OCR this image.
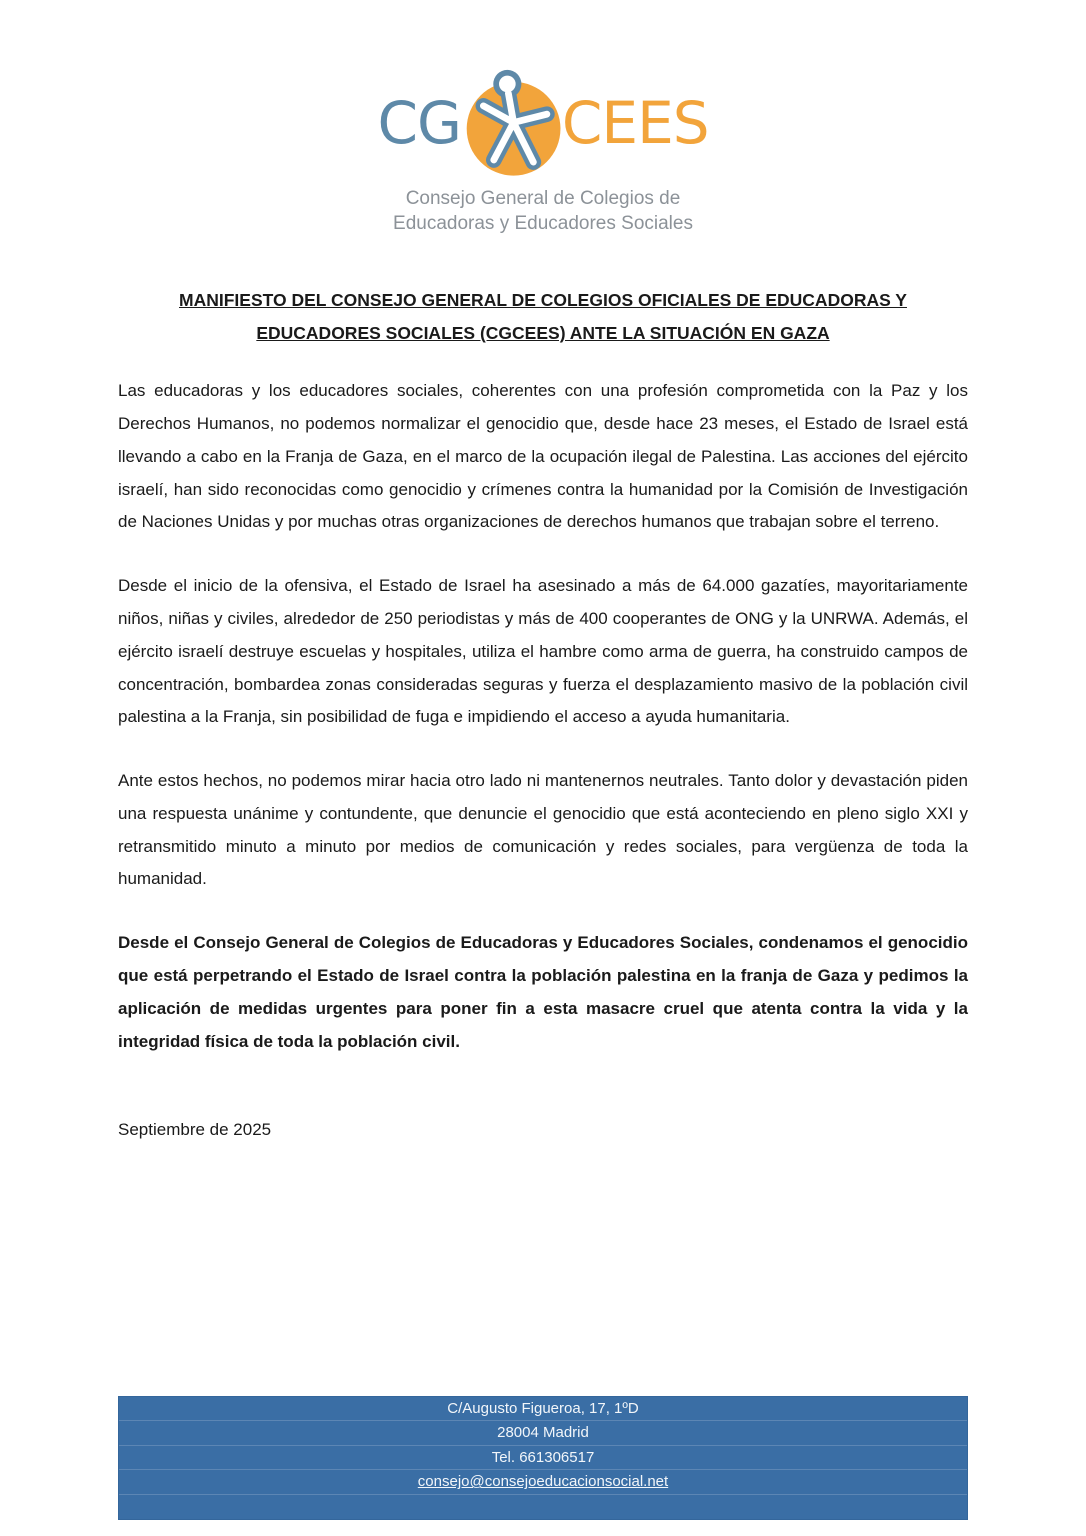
CG CEES
Consejo General de Colegios de
Educadoras y Educadores Sociales
MANIFIESTO DEL CONSEJO GENERAL DE COLEGIOS OFICIALES DE EDUCADORAS Y
EDUCADORES SOCIALES (CGCEES) ANTE LA SITUACIÓN EN GAZA

Las educadoras y los educadores sociales, coherentes con una profesión comprometida con la Paz y los Derechos Humanos, no podemos normalizar el genocidio que, desde hace 23 meses, el Estado de Israel está llevando a cabo en la Franja de Gaza, en el marco de la ocupación ilegal de Palestina. Las acciones del ejército israelí, han sido reconocidas como genocidio y crímenes contra la humanidad por la Comisión de Investigación de Naciones Unidas y por muchas otras organizaciones de derechos humanos que trabajan sobre el terreno.

Desde el inicio de la ofensiva, el Estado de Israel ha asesinado a más de 64.000 gazatíes, mayoritariamente niños, niñas y civiles, alrededor de 250 periodistas y más de 400 cooperantes de ONG y la UNRWA. Además, el ejército israelí destruye escuelas y hospitales, utiliza el hambre como arma de guerra, ha construido campos de concentración, bombardea zonas consideradas seguras y fuerza el desplazamiento masivo de la población civil palestina a la Franja, sin posibilidad de fuga e impidiendo el acceso a ayuda humanitaria.

Ante estos hechos, no podemos mirar hacia otro lado ni mantenernos neutrales. Tanto dolor y devastación piden una respuesta unánime y contundente, que denuncie el genocidio que está aconteciendo en pleno siglo XXI y retransmitido minuto a minuto por medios de comunicación y redes sociales, para vergüenza de toda la humanidad.

Desde el Consejo General de Colegios de Educadoras y Educadores Sociales, condenamos el genocidio que está perpetrando el Estado de Israel contra la población palestina en la franja de Gaza y pedimos la aplicación de medidas urgentes para poner fin a esta masacre cruel que atenta contra la vida y la integridad física de toda la población civil.

Septiembre de 2025
C/Augusto Figueroa, 17, 1ºD
28004 Madrid
Tel. 661306517
consejo@consejoeducacionsocial.net
